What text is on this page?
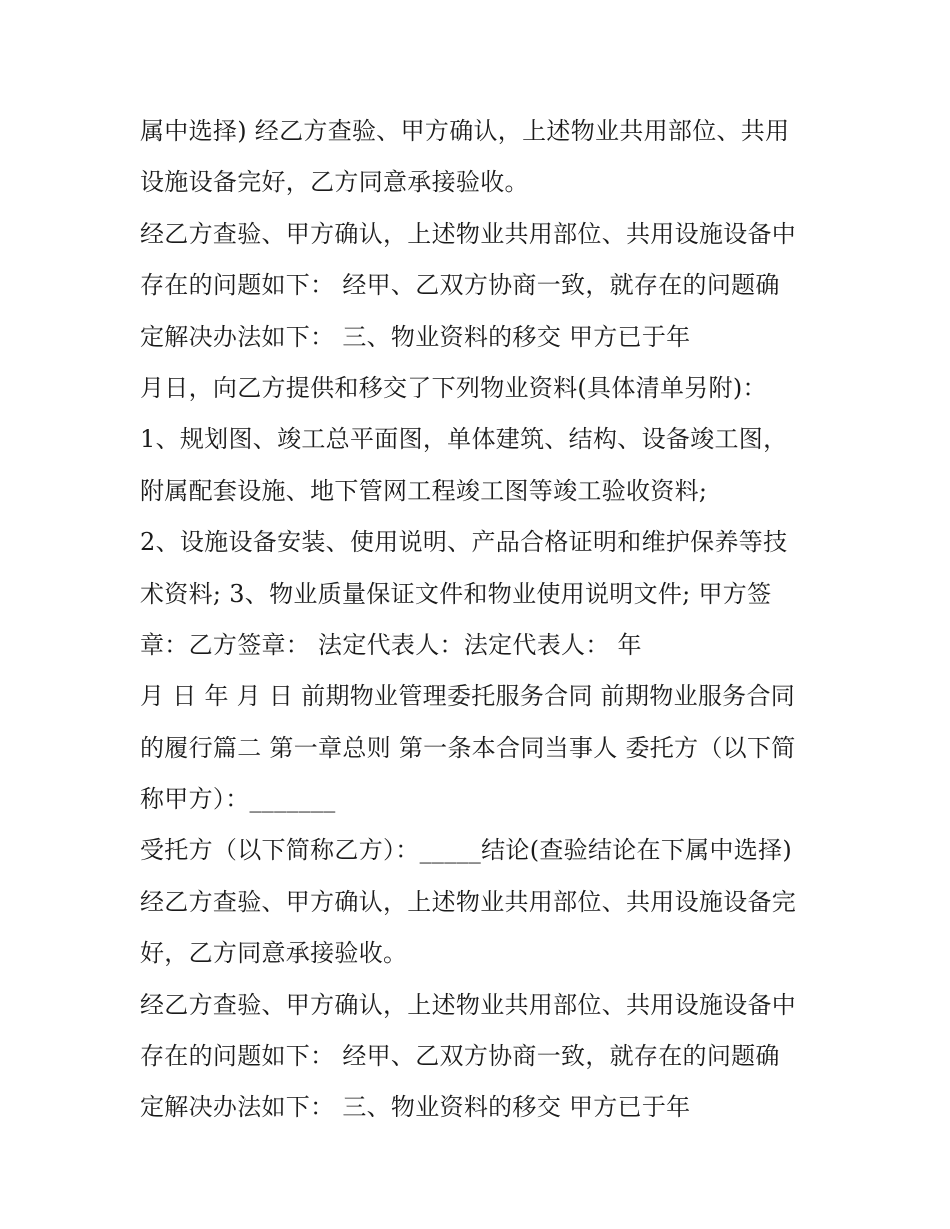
属中选择) 经乙方查验、甲方确认，上述物业共用部位、共用
设施设备完好，乙方同意承接验收。
经乙方查验、甲方确认，上述物业共用部位、共用设施设备中
存在的问题如下： 经甲、乙双方协商一致，就存在的问题确
定解决办法如下： 三、物业资料的移交 甲方已于年
月日，向乙方提供和移交了下列物业资料(具体清单另附)：
1、规划图、竣工总平面图，单体建筑、结构、设备竣工图，
附属配套设施、地下管网工程竣工图等竣工验收资料;
2、设施设备安装、使用说明、产品合格证明和维护保养等技
术资料; 3、物业质量保证文件和物业使用说明文件; 甲方签
章：乙方签章： 法定代表人：法定代表人： 年
月 日 年 月 日 前期物业管理委托服务合同 前期物业服务合同
的履行篇二 第一章总则 第一条本合同当事人 委托方（以下简
称甲方）：_______
受托方（以下简称乙方）：_____结论(查验结论在下属中选择)
经乙方查验、甲方确认，上述物业共用部位、共用设施设备完
好，乙方同意承接验收。
经乙方查验、甲方确认，上述物业共用部位、共用设施设备中
存在的问题如下： 经甲、乙双方协商一致，就存在的问题确
定解决办法如下： 三、物业资料的移交 甲方已于年
